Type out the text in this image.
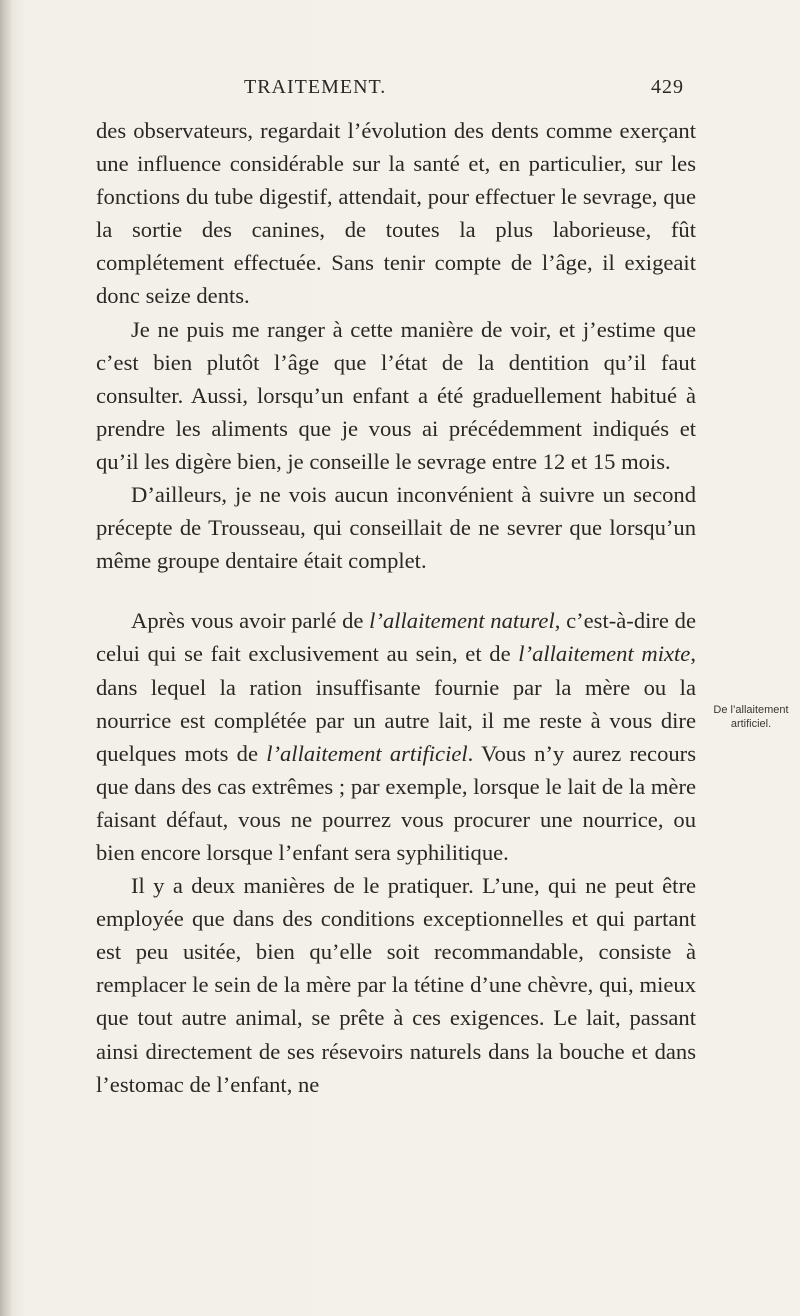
TRAITEMENT.	429

des observateurs, regardait l’évolution des dents comme exerçant une influence considérable sur la santé et, en particulier, sur les fonctions du tube digestif, attendait, pour effectuer le sevrage, que la sortie des canines, de toutes la plus laborieuse, fût complétement effectuée. Sans tenir compte de l’âge, il exigeait donc seize dents.

Je ne puis me ranger à cette manière de voir, et j’estime que c’est bien plutôt l’âge que l’état de la dentition qu’il faut consulter. Aussi, lorsqu’un enfant a été graduellement habitué à prendre les aliments que je vous ai précédemment indiqués et qu’il les digère bien, je conseille le sevrage entre 12 et 15 mois.

D’ailleurs, je ne vois aucun inconvénient à suivre un second précepte de Trousseau, qui conseillait de ne sevrer que lorsqu’un même groupe dentaire était complet.

Après vous avoir parlé de l’allaitement naturel, c’est-à-dire de celui qui se fait exclusivement au sein, et de l’allaitement mixte, dans lequel la ration insuffisante fournie par la mère ou la nourrice est complétée par un autre lait, il me reste à vous dire quelques mots de l’allaitement artificiel. Vous n’y aurez recours que dans des cas extrêmes ; par exemple, lorsque le lait de la mère faisant défaut, vous ne pourrez vous procurer une nourrice, ou bien encore lorsque l’enfant sera syphilitique.

Il y a deux manières de le pratiquer. L’une, qui ne peut être employée que dans des conditions exceptionnelles et qui partant est peu usitée, bien qu’elle soit recommandable, consiste à remplacer le sein de la mère par la tétine d’une chèvre, qui, mieux que tout autre animal, se prête à ces exigences. Le lait, passant ainsi directement de ses résevoirs naturels dans la bouche et dans l’estomac de l’enfant, ne

De l’allaitement
artificiel.
